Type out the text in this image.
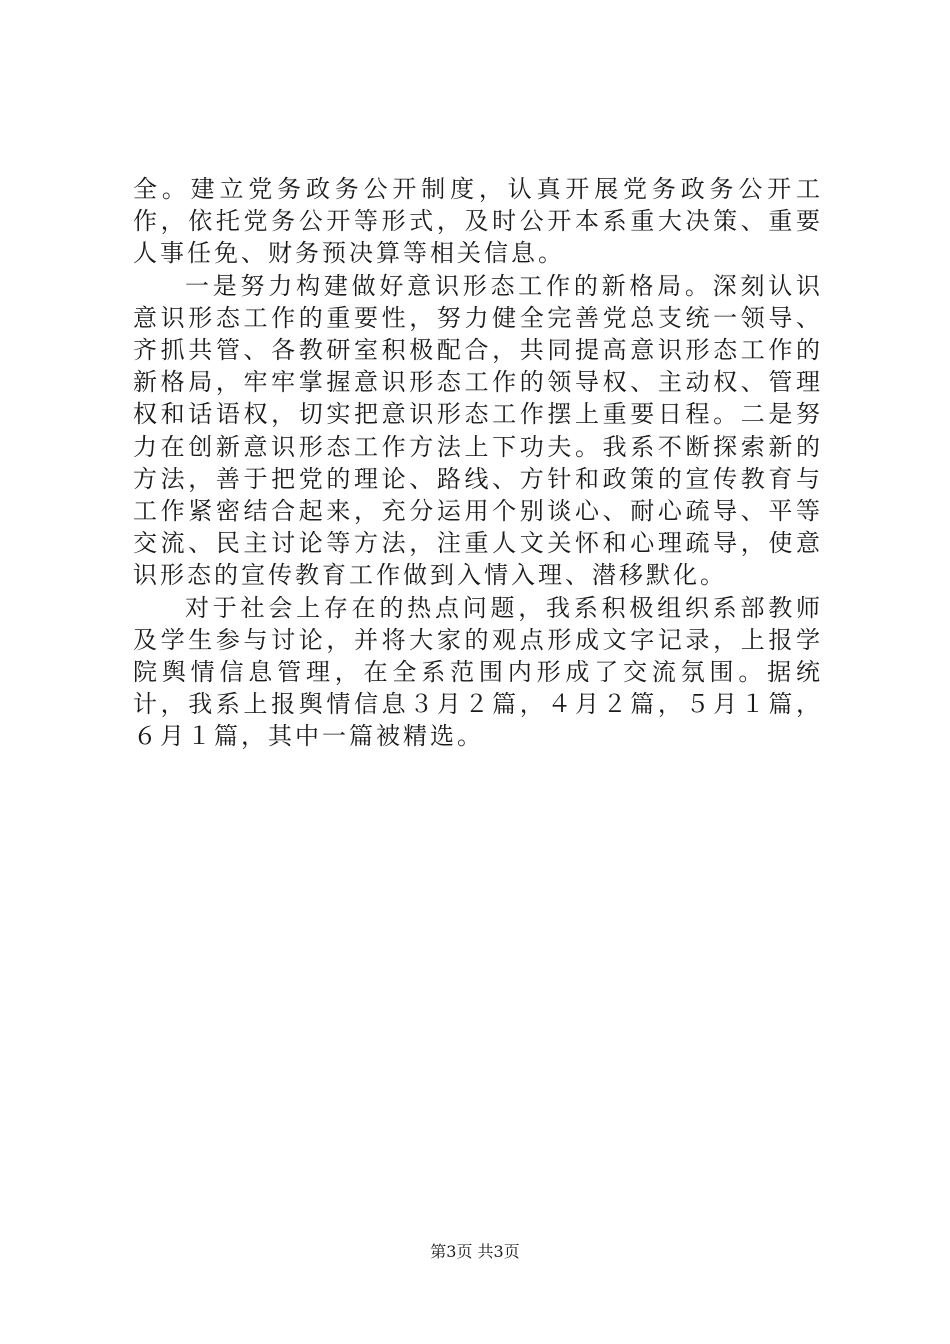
全。建立党务政务公开制度，认真开展党务政务公开工作，依托党务公开等形式，及时公开本系重大决策、重要人事任免、财务预决算等相关信息。

一是努力构建做好意识形态工作的新格局。深刻认识意识形态工作的重要性，努力健全完善党总支统一领导、齐抓共管、各教研室积极配合，共同提高意识形态工作的新格局，牢牢掌握意识形态工作的领导权、主动权、管理权和话语权，切实把意识形态工作摆上重要日程。二是努力在创新意识形态工作方法上下功夫。我系不断探索新的方法，善于把党的理论、路线、方针和政策的宣传教育与工作紧密结合起来，充分运用个别谈心、耐心疏导、平等交流、民主讨论等方法，注重人文关怀和心理疏导，使意识形态的宣传教育工作做到入情入理、潜移默化。

对于社会上存在的热点问题，我系积极组织系部教师及学生参与讨论，并将大家的观点形成文字记录，上报学院舆情信息管理，在全系范围内形成了交流氛围。据统计，我系上报舆情信息３月２篇，４月２篇，５月１篇，６月１篇，其中一篇被精选。

第3页 共3页
